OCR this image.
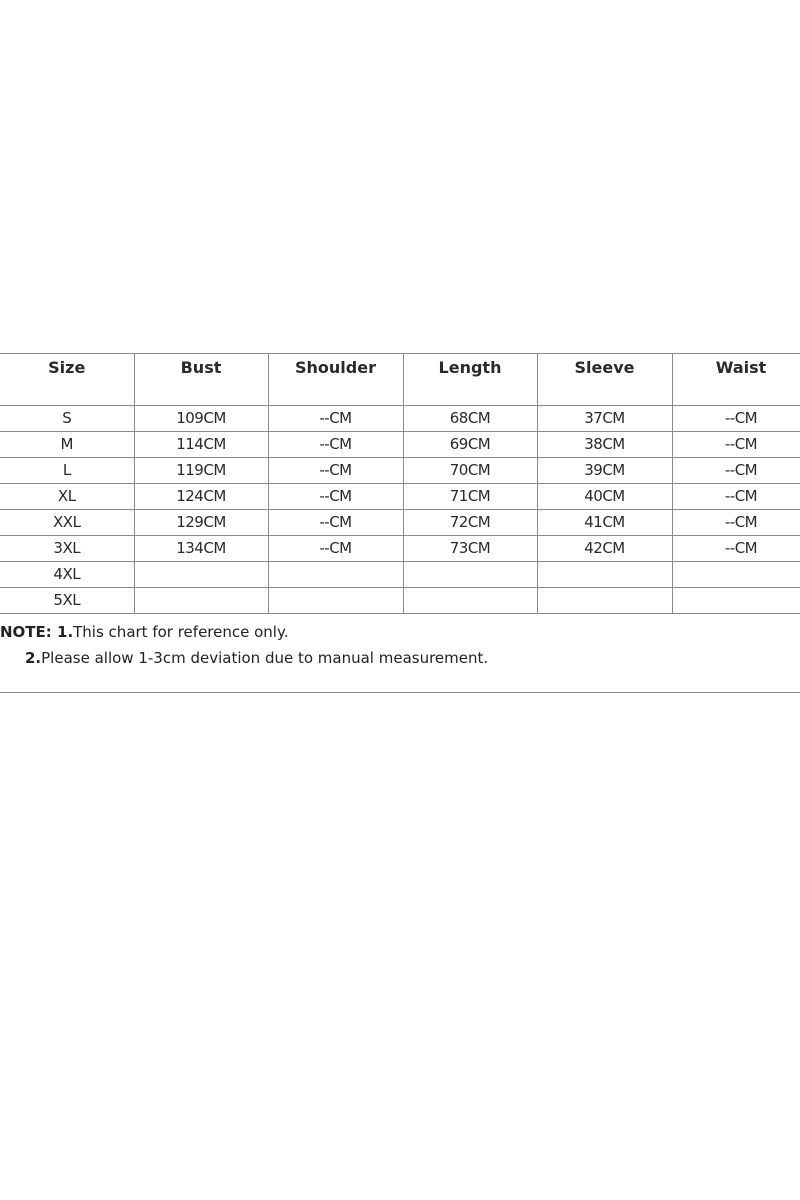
Size	Bust	Shoulder	Length	Sleeve	Waist
S	109CM	--CM	68CM	37CM	--CM
M	114CM	--CM	69CM	38CM	--CM
L	119CM	--CM	70CM	39CM	--CM
XL	124CM	--CM	71CM	40CM	--CM
XXL	129CM	--CM	72CM	41CM	--CM
3XL	134CM	--CM	73CM	42CM	--CM
4XL					
5XL					
NOTE: 1.This chart for reference only.
2.Please allow 1-3cm deviation due to manual measurement.
